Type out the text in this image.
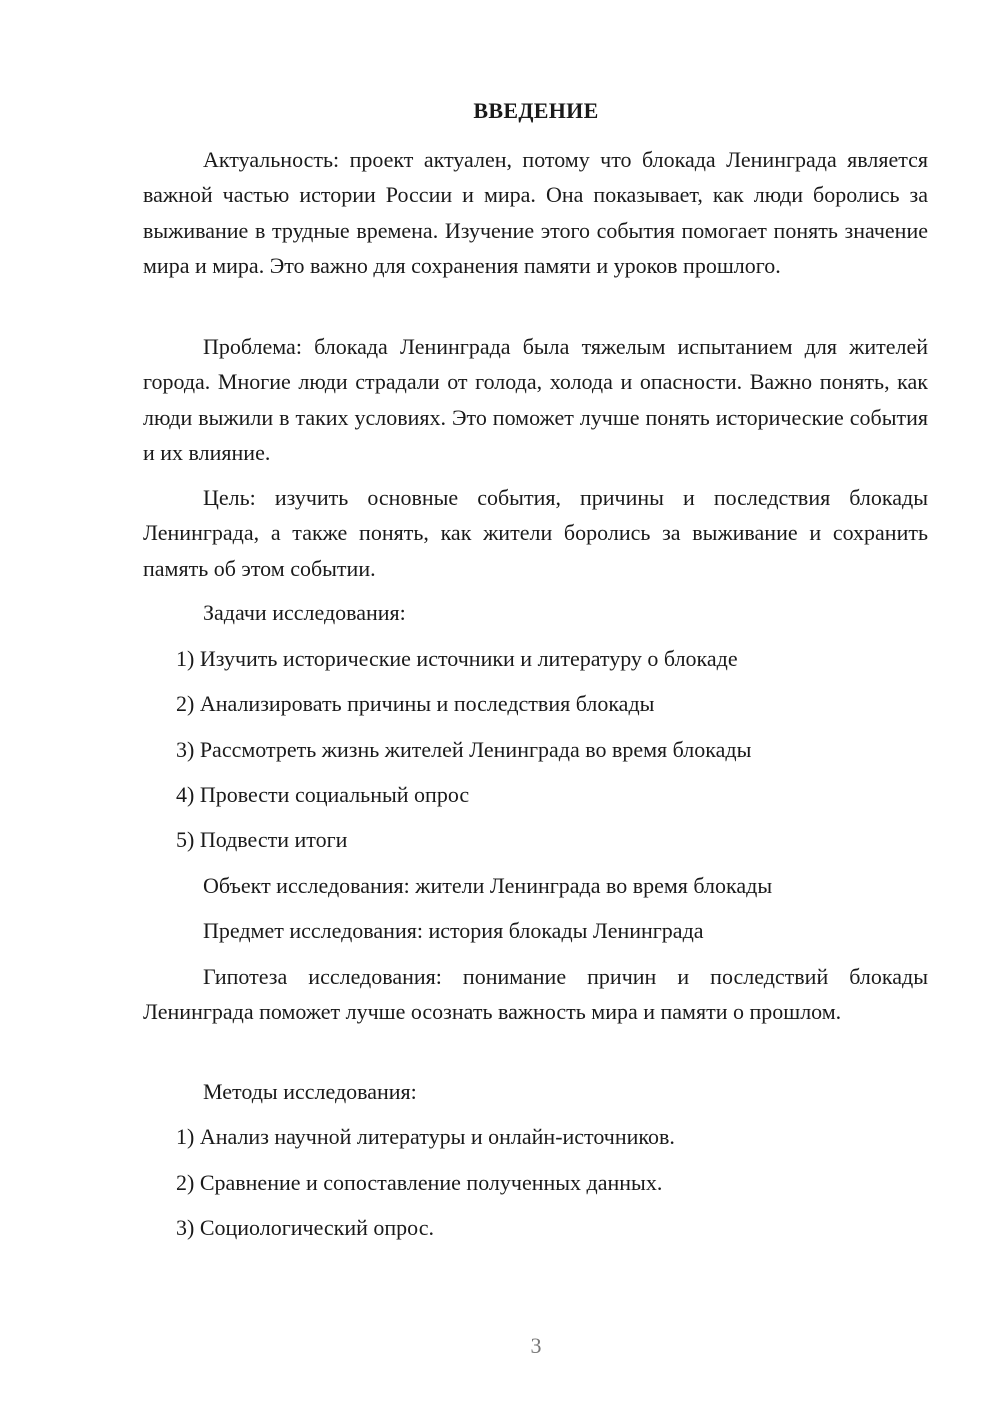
ВВЕДЕНИЕ

Актуальность: проект актуален, потому что блокада Ленинграда является важной частью истории России и мира. Она показывает, как люди боролись за выживание в трудные времена. Изучение этого события помогает понять значение мира и мира. Это важно для сохранения памяти и уроков прошлого.

Проблема: блокада Ленинграда была тяжелым испытанием для жителей города. Многие люди страдали от голода, холода и опасности. Важно понять, как люди выжили в таких условиях. Это поможет лучше понять исторические события и их влияние.

Цель: изучить основные события, причины и последствия блокады Ленинграда, а также понять, как жители боролись за выживание и сохранить память об этом событии.

Задачи исследования:
1) Изучить исторические источники и литературу о блокаде
2) Анализировать причины и последствия блокады
3) Рассмотреть жизнь жителей Ленинграда во время блокады
4) Провести социальный опрос
5) Подвести итоги
Объект исследования: жители Ленинграда во время блокады
Предмет исследования: история блокады Ленинграда

Гипотеза исследования: понимание причин и последствий блокады Ленинграда поможет лучше осознать важность мира и памяти о прошлом.

Методы исследования:
1) Анализ научной литературы и онлайн-источников.
2) Сравнение и сопоставление полученных данных.
3) Социологический опрос.
3
